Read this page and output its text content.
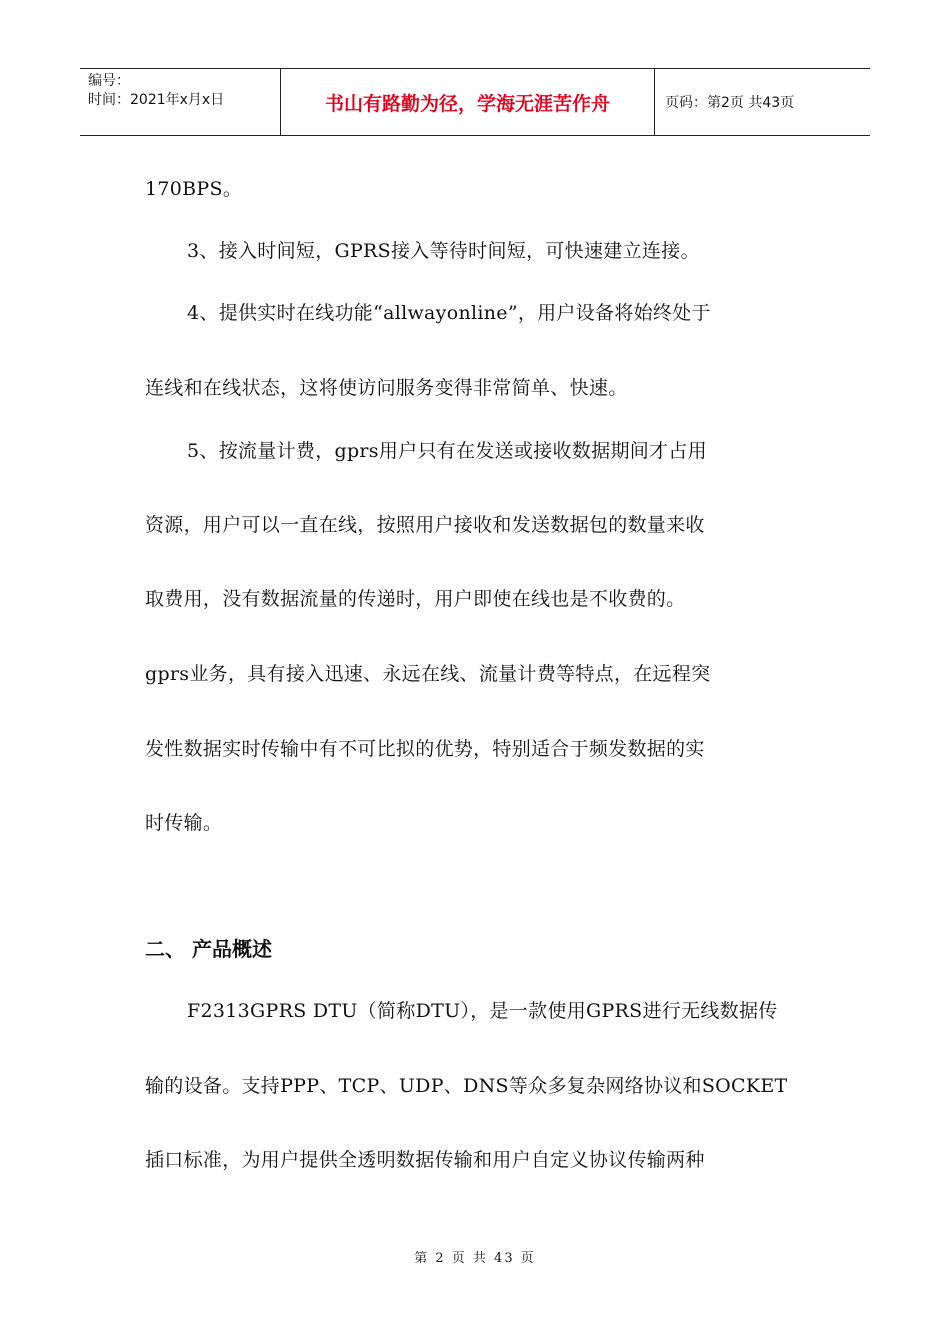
编号：
时间：2021年x月x日	书山有路勤为径，学海无涯苦作舟	页码：第2页 共43页
170BPS。
3、接入时间短，GPRS接入等待时间短，可快速建立连接。
4、提供实时在线功能“allwayonline”，用户设备将始终处于
连线和在线状态，这将使访问服务变得非常简单、快速。
5、按流量计费，gprs用户只有在发送或接收数据期间才占用
资源，用户可以一直在线，按照用户接收和发送数据包的数量来收
取费用，没有数据流量的传递时，用户即使在线也是不收费的。
gprs业务，具有接入迅速、永远在线、流量计费等特点，在远程突
发性数据实时传输中有不可比拟的优势，特别适合于频发数据的实
时传输。
二、 产品概述
F2313GPRS DTU（简称DTU），是一款使用GPRS进行无线数据传
输的设备。支持PPP、TCP、UDP、DNS等众多复杂网络协议和SOCKET
插口标准，为用户提供全透明数据传输和用户自定义协议传输两种
第 2 页 共 43 页
